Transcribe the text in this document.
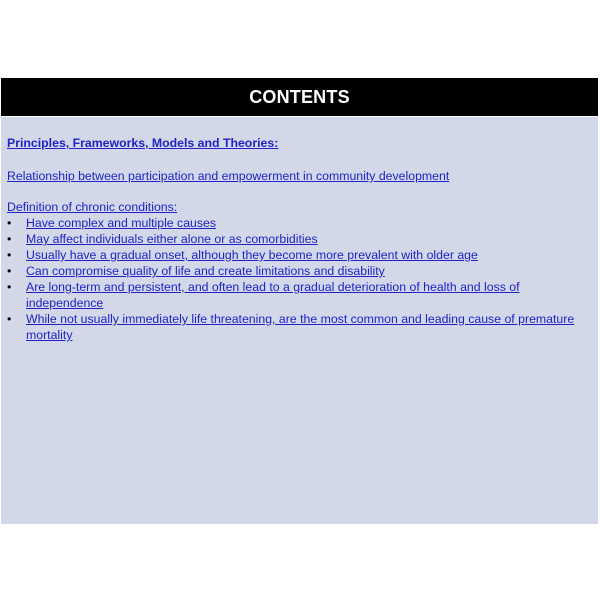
CONTENTS

Principles, Frameworks, Models and Theories:

Relationship between participation and empowerment in community development

Definition of chronic conditions:

• Have complex and multiple causes
• May affect individuals either alone or as comorbidities
• Usually have a gradual onset, although they become more prevalent with older age
• Can compromise quality of life and create limitations and disability
• Are long-term and persistent, and often lead to a gradual deterioration of health and loss of independence
• While not usually immediately life threatening, are the most common and leading cause of premature mortality
